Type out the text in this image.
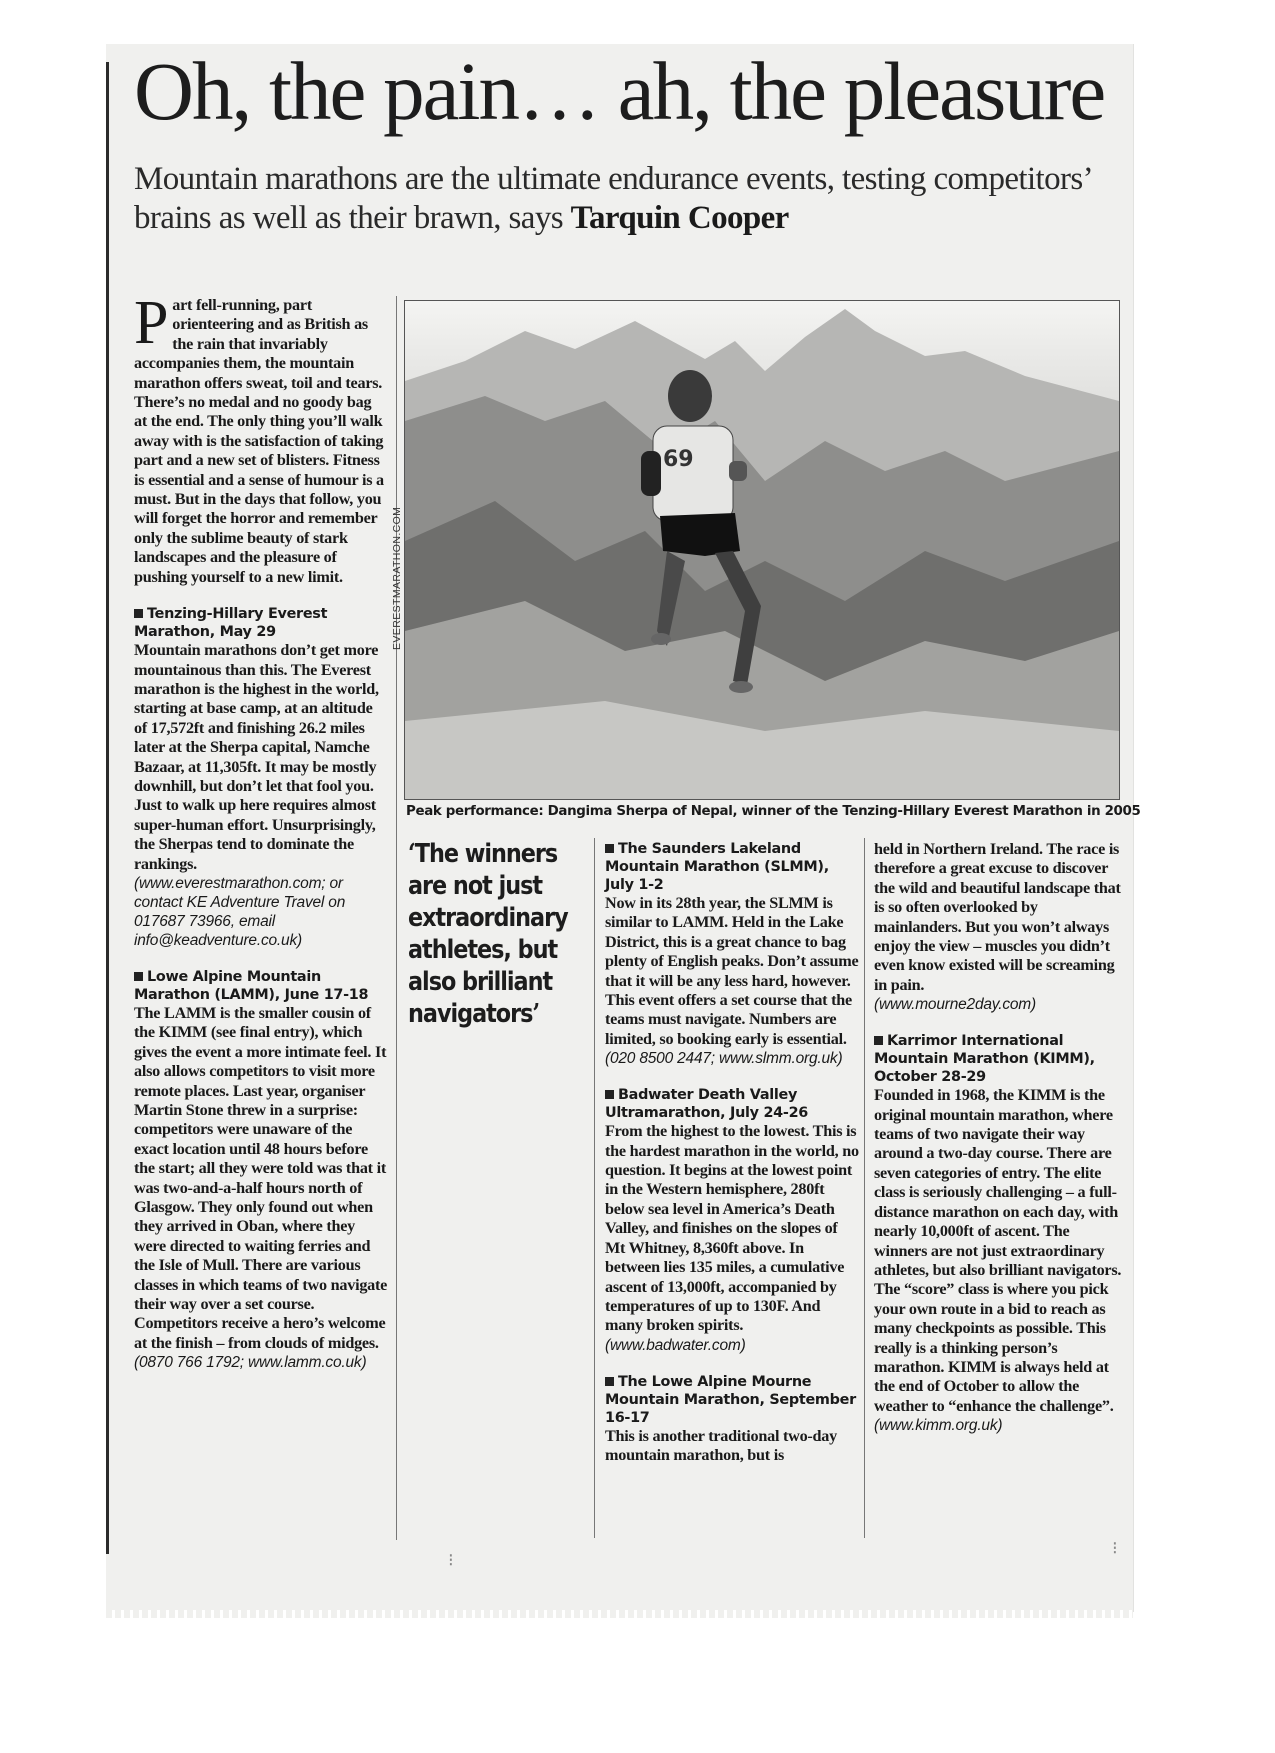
Oh, the pain… ah, the pleasure
Mountain marathons are the ultimate endurance events, testing competitors’ brains as well as their brawn, says Tarquin Cooper

Part fell-running, part orienteering and as British as the rain that invariably accompanies them, the mountain marathon offers sweat, toil and tears. There’s no medal and no goody bag at the end. The only thing you’ll walk away with is the satisfaction of taking part and a new set of blisters. Fitness is essential and a sense of humour is a must. But in the days that follow, you will forget the horror and remember only the sublime beauty of stark landscapes and the pleasure of pushing yourself to a new limit.

Tenzing-Hillary Everest Marathon, May 29

Mountain marathons don’t get more mountainous than this. The Everest marathon is the highest in the world, starting at base camp, at an altitude of 17,572ft and finishing 26.2 miles later at the Sherpa capital, Namche Bazaar, at 11,305ft. It may be mostly downhill, but don’t let that fool you. Just to walk up here requires almost super-human effort. Unsurprisingly, the Sherpas tend to dominate the rankings.

(www.everestmarathon.com; or contact KE Adventure Travel on 017687 73966, email info@keadventure.co.uk)
Lowe Alpine Mountain Marathon (LAMM), June 17-18

The LAMM is the smaller cousin of the KIMM (see final entry), which gives the event a more intimate feel. It also allows competitors to visit more remote places. Last year, organiser Martin Stone threw in a surprise: competitors were unaware of the exact location until 48 hours before the start; all they were told was that it was two-and-a-half hours north of Glasgow. They only found out when they arrived in Oban, where they were directed to waiting ferries and the Isle of Mull. There are various classes in which teams of two navigate their way over a set course. Competitors receive a hero’s welcome at the finish – from clouds of midges.

(0870 766 1792; www.lamm.co.uk)
69
EVERESTMARATHON.COM
Peak performance: Dangima Sherpa of Nepal, winner of the Tenzing-Hillary Everest Marathon in 2005
‘The winners are not just extraordinary athletes, but also brilliant navigators’
The Saunders Lakeland Mountain Marathon (SLMM), July 1-2

Now in its 28th year, the SLMM is similar to LAMM. Held in the Lake District, this is a great chance to bag plenty of English peaks. Don’t assume that it will be any less hard, however. This event offers a set course that the teams must navigate. Numbers are limited, so booking early is essential.

(020 8500 2447; www.slmm.org.uk)
Badwater Death Valley Ultramarathon, July 24-26

From the highest to the lowest. This is the hardest marathon in the world, no question. It begins at the lowest point in the Western hemisphere, 280ft below sea level in America’s Death Valley, and finishes on the slopes of Mt Whitney, 8,360ft above. In between lies 135 miles, a cumulative ascent of 13,000ft, accompanied by temperatures of up to 130F. And many broken spirits.

(www.badwater.com)
The Lowe Alpine Mourne Mountain Marathon, September 16-17

This is another traditional two-day mountain marathon, but is

held in Northern Ireland. The race is therefore a great excuse to discover the wild and beautiful landscape that is so often overlooked by mainlanders. But you won’t always enjoy the view – muscles you didn’t even know existed will be screaming in pain.

(www.mourne2day.com)
Karrimor International Mountain Marathon (KIMM), October 28-29

Founded in 1968, the KIMM is the original mountain marathon, where teams of two navigate their way around a two-day course. There are seven categories of entry. The elite class is seriously challenging – a full-distance marathon on each day, with nearly 10,000ft of ascent. The winners are not just extraordinary athletes, but also brilliant navigators. The “score” class is where you pick your own route in a bid to reach as many checkpoints as possible. This really is a thinking person’s marathon. KIMM is always held at the end of October to allow the weather to “enhance the challenge”.

(www.kimm.org.uk)
⁝
⁝
